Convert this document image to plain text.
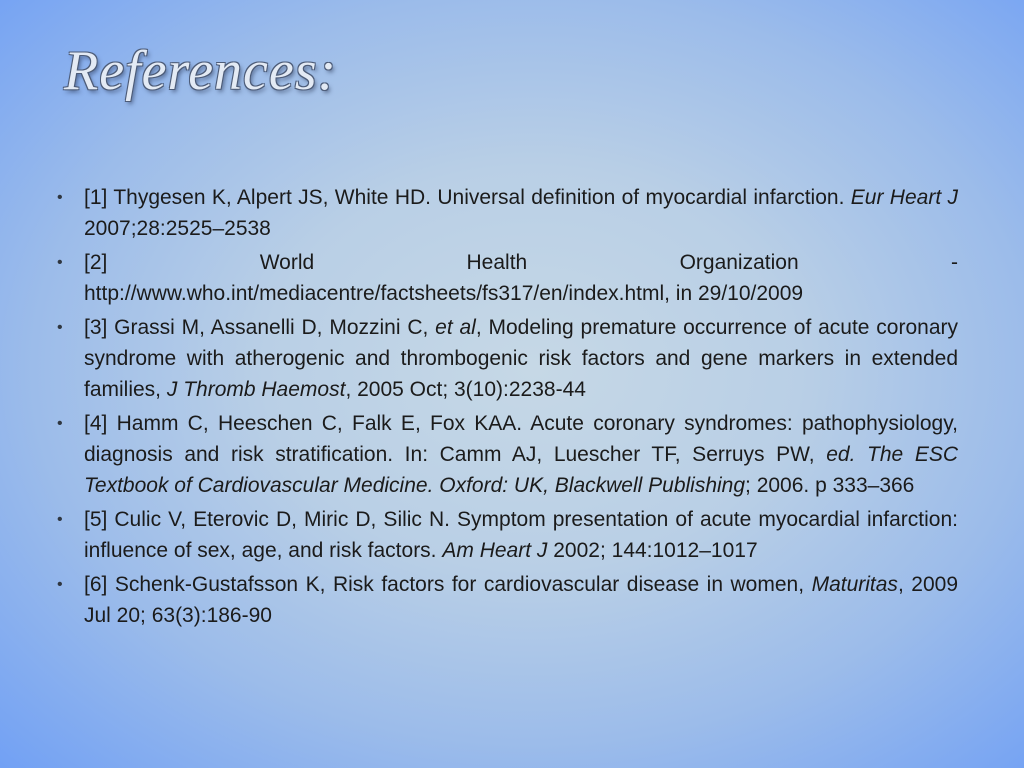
References:
• [1] Thygesen K, Alpert JS, White HD. Universal definition of myocardial infarction. Eur Heart J 2007;28:2525–2538
• [2] World Health Organization - http://www.who.int/mediacentre/factsheets/fs317/en/index.html, in 29/10/2009
• [3] Grassi M, Assanelli D, Mozzini C, et al, Modeling premature occurrence of acute coronary syndrome with atherogenic and thrombogenic risk factors and gene markers in extended families, J Thromb Haemost, 2005 Oct; 3(10):2238-44
• [4] Hamm C, Heeschen C, Falk E, Fox KAA. Acute coronary syndromes: pathophysiology, diagnosis and risk stratification. In: Camm AJ, Luescher TF, Serruys PW, ed. The ESC Textbook of Cardiovascular Medicine. Oxford: UK, Blackwell Publishing; 2006. p 333–366
• [5] Culic V, Eterovic D, Miric D, Silic N. Symptom presentation of acute myocardial infarction: influence of sex, age, and risk factors. Am Heart J 2002; 144:1012–1017
• [6] Schenk-Gustafsson K, Risk factors for cardiovascular disease in women, Maturitas, 2009 Jul 20; 63(3):186-90
